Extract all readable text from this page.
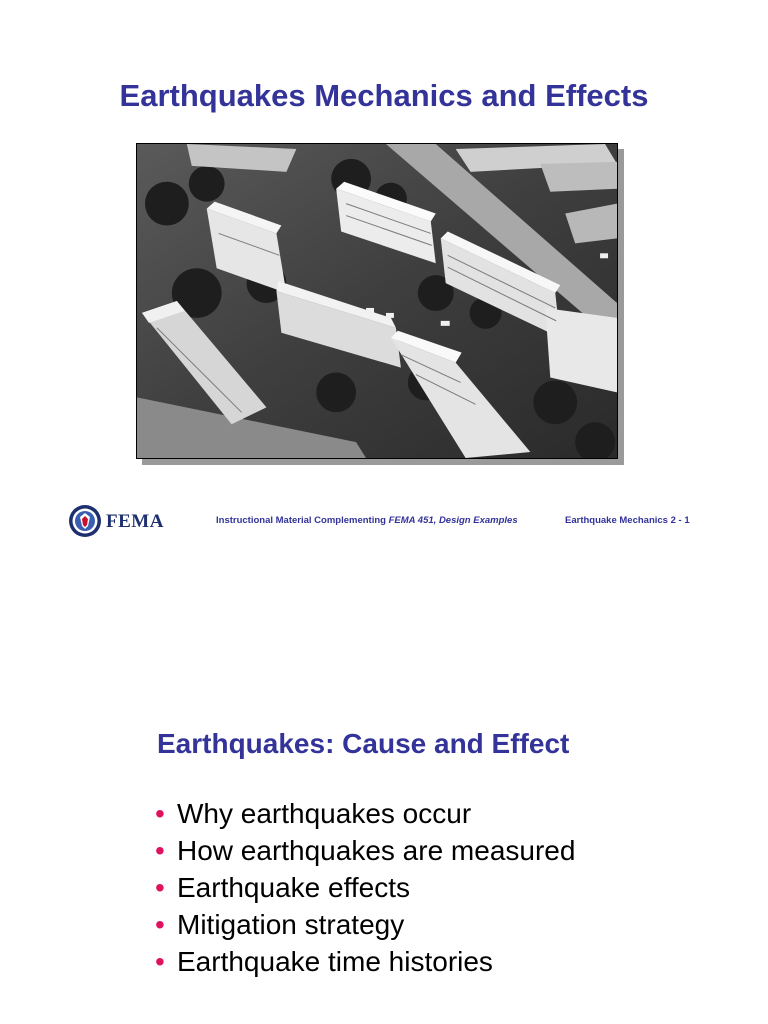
Earthquakes Mechanics and Effects
FEMA	Instructional Material Complementing FEMA 451, Design Examples	Earthquake Mechanics 2 - 1
Earthquakes: Cause and Effect
• Why earthquakes occur
• How earthquakes are measured
• Earthquake effects
• Mitigation strategy
• Earthquake time histories
